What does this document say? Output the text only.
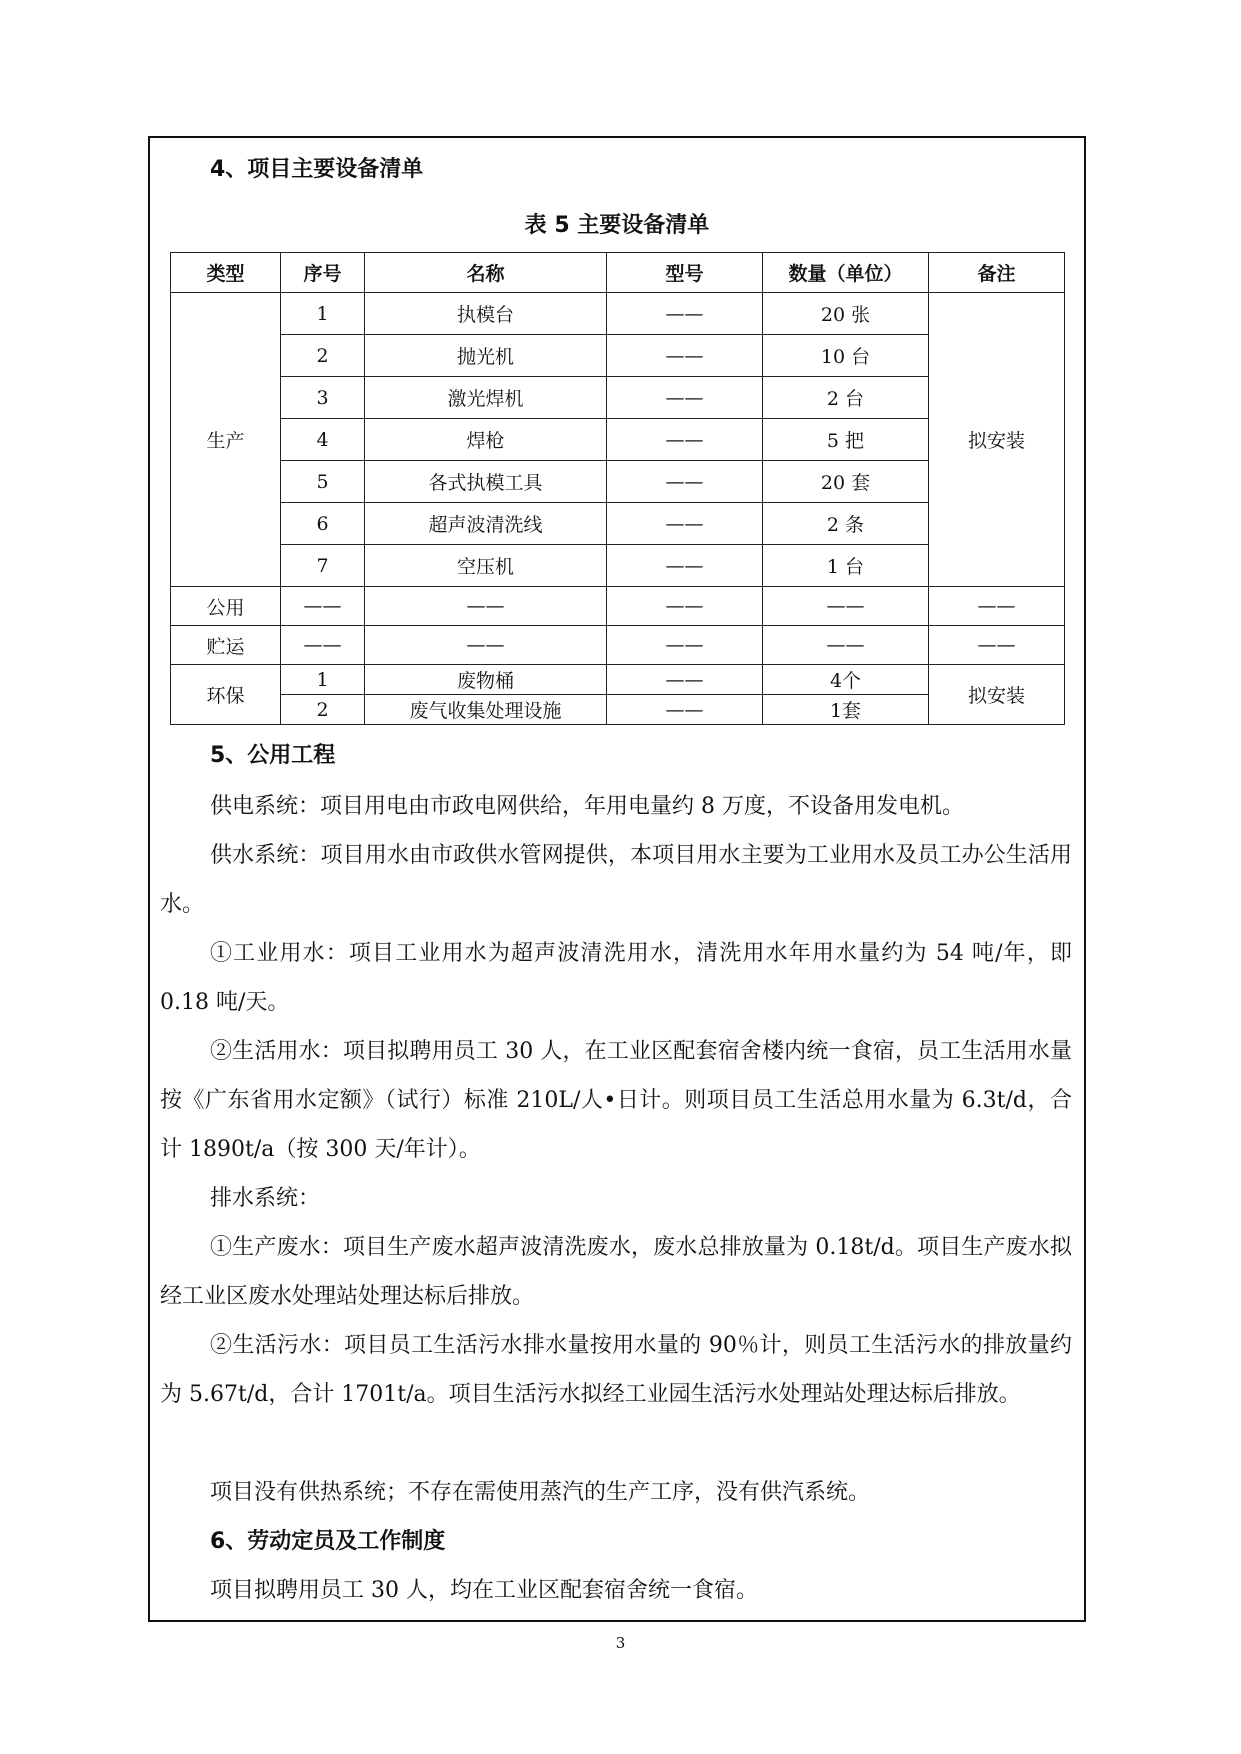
4、项目主要设备清单
表 5 主要设备清单
类型	序号	名称	型号	数量（单位）	备注
生产	1	执模台	——	20 张	拟安装
	2	抛光机	——	10 台	
	3	激光焊机	——	2 台	
	4	焊枪	——	5 把	
	5	各式执模工具	——	20 套	
	6	超声波清洗线	——	2 条	
	7	空压机	——	1 台	
公用	——	——	——	——	——
贮运	——	——	——	——	——
环保	1	废物桶	——	4个	拟安装
	2	废气收集处理设施	——	1套	
5、公用工程

供电系统：项目用电由市政电网供给，年用电量约 8 万度，不设备用发电机。

供水系统：项目用水由市政供水管网提供，本项目用水主要为工业用水及员工办公生活用水。

①工业用水：项目工业用水为超声波清洗用水，清洗用水年用水量约为 54 吨/年，即 0.18 吨/天。

②生活用水：项目拟聘用员工 30 人，在工业区配套宿舍楼内统一食宿，员工生活用水量按《广东省用水定额》（试行）标准 210L/人•日计。则项目员工生活总用水量为 6.3t/d，合计 1890t/a（按 300 天/年计）。

排水系统：

①生产废水：项目生产废水超声波清洗废水，废水总排放量为 0.18t/d。项目生产废水拟经工业区废水处理站处理达标后排放。

②生活污水：项目员工生活污水排水量按用水量的 90％计，则员工生活污水的排放量约为 5.67t/d，合计 1701t/a。项目生活污水拟经工业园生活污水处理站处理达标后排放。

项目没有供热系统；不存在需使用蒸汽的生产工序，没有供汽系统。

6、劳动定员及工作制度

项目拟聘用员工 30 人，均在工业区配套宿舍统一食宿。

3
